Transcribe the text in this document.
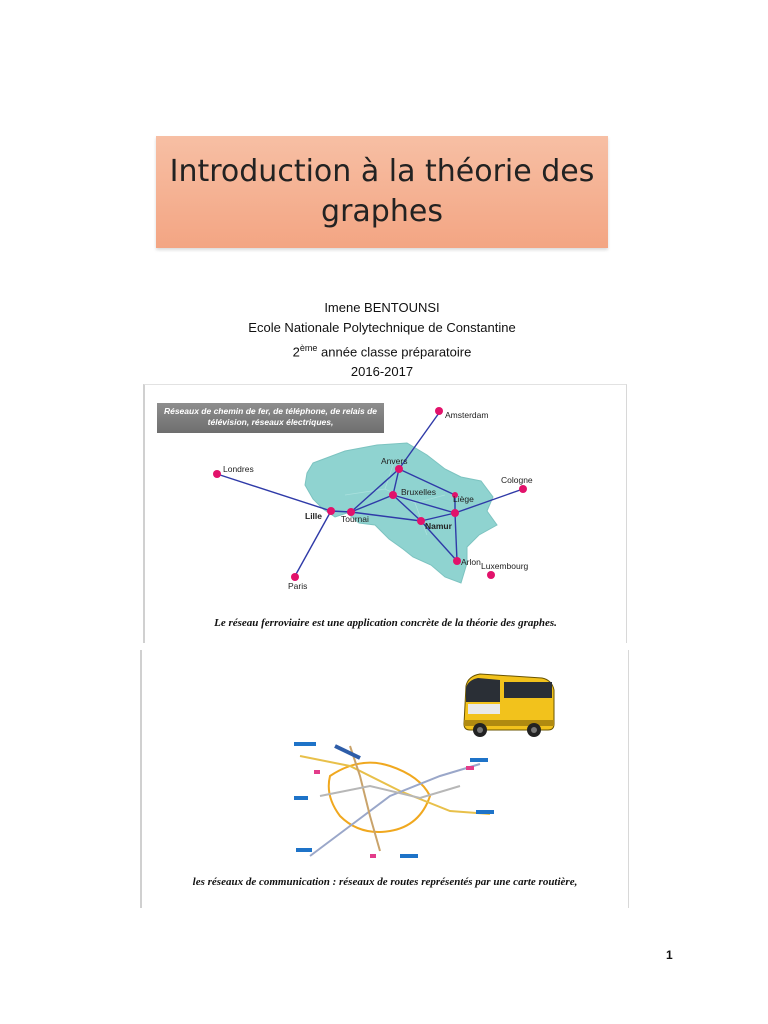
Introduction à la théorie des graphes
Imene BENTOUNSI
Ecole Nationale Polytechnique de Constantine
2ème année classe préparatoire
2016-2017
Réseaux de chemin de fer, de téléphone, de relais de télévision, réseaux électriques,
Amsterdam
Anvers
Londres
Bruxelles
Liège
Cologne
Lille Tournai
Namur
Paris
Arlon Luxembourg
Le réseau ferroviaire est une application concrète de la théorie des graphes.
les réseaux de communication : réseaux de routes représentés par une carte routière,
1
